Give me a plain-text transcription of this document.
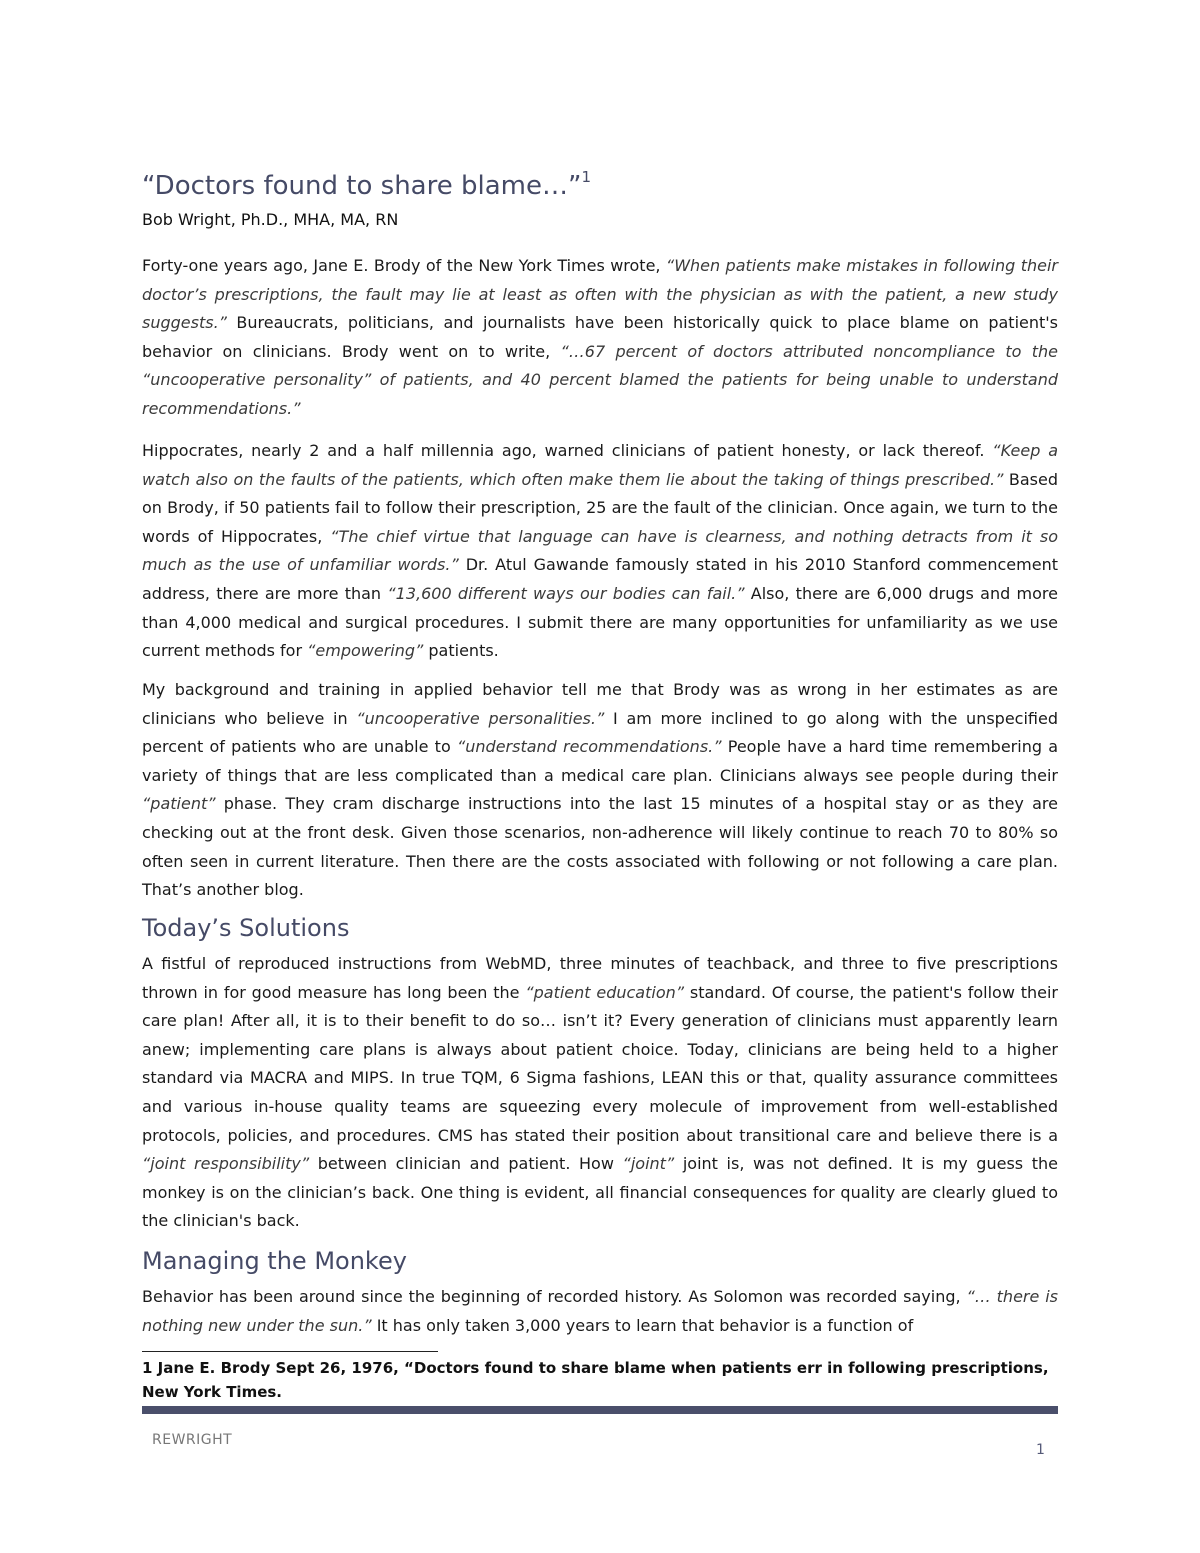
“Doctors found to share blame…”$^1$
Bob Wright, Ph.D., MHA, MA, RN
Forty-one years ago, Jane E. Brody of the New York Times wrote, “When patients make mistakes in following their doctor’s prescriptions, the fault may lie at least as often with the physician as with the patient, a new study suggests.” Bureaucrats, politicians, and journalists have been historically quick to place blame on patient's behavior on clinicians. Brody went on to write, “…67 percent of doctors attributed noncompliance to the “uncooperative personality” of patients, and 40 percent blamed the patients for being unable to understand recommendations.”
Hippocrates, nearly 2 and a half millennia ago, warned clinicians of patient honesty, or lack thereof. “Keep a watch also on the faults of the patients, which often make them lie about the taking of things prescribed.” Based on Brody, if 50 patients fail to follow their prescription, 25 are the fault of the clinician. Once again, we turn to the words of Hippocrates, “The chief virtue that language can have is clearness, and nothing detracts from it so much as the use of unfamiliar words.” Dr. Atul Gawande famously stated in his 2010 Stanford commencement address, there are more than “13,600 different ways our bodies can fail.” Also, there are 6,000 drugs and more than 4,000 medical and surgical procedures. I submit there are many opportunities for unfamiliarity as we use current methods for “empowering” patients.
My background and training in applied behavior tell me that Brody was as wrong in her estimates as are clinicians who believe in “uncooperative personalities.” I am more inclined to go along with the unspecified percent of patients who are unable to “understand recommendations.” People have a hard time remembering a variety of things that are less complicated than a medical care plan. Clinicians always see people during their “patient” phase. They cram discharge instructions into the last 15 minutes of a hospital stay or as they are checking out at the front desk. Given those scenarios, non-adherence will likely continue to reach 70 to 80% so often seen in current literature. Then there are the costs associated with following or not following a care plan. That’s another blog.
Today’s Solutions
A fistful of reproduced instructions from WebMD, three minutes of teachback, and three to five prescriptions thrown in for good measure has long been the “patient education” standard. Of course, the patient's follow their care plan! After all, it is to their benefit to do so… isn’t it? Every generation of clinicians must apparently learn anew; implementing care plans is always about patient choice. Today, clinicians are being held to a higher standard via MACRA and MIPS. In true TQM, 6 Sigma fashions, LEAN this or that, quality assurance committees and various in-house quality teams are squeezing every molecule of improvement from well-established protocols, policies, and procedures. CMS has stated their position about transitional care and believe there is a “joint responsibility” between clinician and patient. How “joint” joint is, was not defined. It is my guess the monkey is on the clinician’s back. One thing is evident, all financial consequences for quality are clearly glued to the clinician's back.
Managing the Monkey
Behavior has been around since the beginning of recorded history. As Solomon was recorded saying, “… there is nothing new under the sun.” It has only taken 3,000 years to learn that behavior is a function of
1 Jane E. Brody Sept 26, 1976, “Doctors found to share blame when patients err in following prescriptions, New York Times.
REWRIGHT
1
